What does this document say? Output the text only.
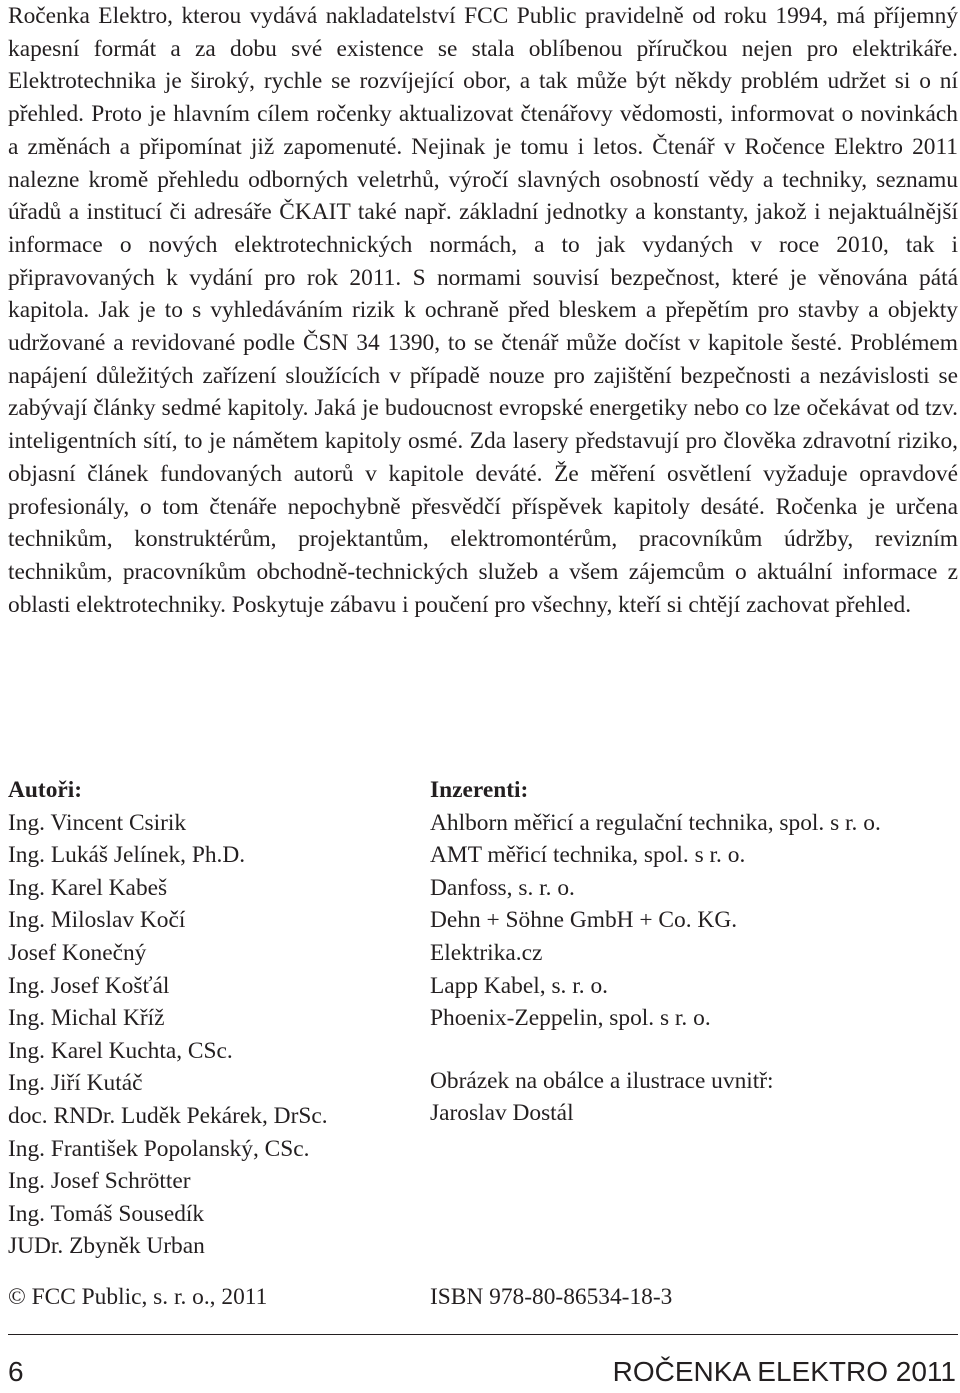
Ročenka Elektro, kterou vydává nakladatelství FCC Public pravidelně od roku 1994, má příjemný kapesní formát a za dobu své existence se stala oblíbenou příručkou nejen pro elektrikáře. Elektrotechnika je široký, rychle se rozvíjející obor, a tak může být někdy problém udržet si o ní přehled. Proto je hlavním cílem ročenky aktualizovat čtenářovy vědomosti, informovat o novinkách a změnách a připomínat již zapomenuté. Nejinak je tomu i letos. Čtenář v Ročence Elektro 2011 nalezne kromě přehledu odborných veletrhů, výročí slavných osobností vědy a techniky, seznamu úřadů a institucí či adresáře ČKAIT také např. základní jednotky a konstanty, jakož i nejaktuálnější informace o nových elektrotechnických normách, a to jak vydaných v roce 2010, tak i připravovaných k vydání pro rok 2011. S normami souvisí bezpečnost, které je věnována pátá kapitola. Jak je to s vyhledáváním rizik k ochraně před bleskem a přepětím pro stavby a objekty udržované a revidované podle ČSN 34 1390, to se čtenář může dočíst v kapitole šesté. Problémem napájení důležitých zařízení sloužících v případě nouze pro zajištění bezpečnosti a nezávislosti se zabývají články sedmé kapitoly. Jaká je budoucnost evropské energetiky nebo co lze očekávat od tzv. inteligentních sítí, to je námětem kapitoly osmé. Zda lasery představují pro člověka zdravotní riziko, objasní článek fundovaných autorů v kapitole deváté. Že měření osvětlení vyžaduje opravdové profesionály, o tom čtenáře nepochybně přesvědčí příspěvek kapitoly desáté. Ročenka je určena technikům, konstruktérům, projektantům, elektromontérům, pracovníkům údržby, revizním technikům, pracovníkům obchodně-technických služeb a všem zájemcům o aktuální informace z oblasti elektrotechniky. Poskytuje zábavu i poučení pro všechny, kteří si chtějí zachovat přehled.

Autoři:

Ing. Vincent Csirik
Ing. Lukáš Jelínek, Ph.D.
Ing. Karel Kabeš
Ing. Miloslav Kočí
Josef Konečný
Ing. Josef Košťál
Ing. Michal Kříž
Ing. Karel Kuchta, CSc.
Ing. Jiří Kutáč
doc. RNDr. Luděk Pekárek, DrSc.
Ing. František Popolanský, CSc.
Ing. Josef Schrötter
Ing. Tomáš Sousedík
JUDr. Zbyněk Urban

Inzerenti:

Ahlborn měřicí a regulační technika, spol. s r. o.
AMT měřicí technika, spol. s r. o.
Danfoss, s. r. o.
Dehn + Söhne GmbH + Co. KG.
Elektrika.cz
Lapp Kabel, s. r. o.
Phoenix-Zeppelin, spol. s r. o.

Obrázek na obálce a ilustrace uvnitř:

Jaroslav Dostál

© FCC Public, s. r. o., 2011	ISBN 978-80-86534-18-3
6	ROČENKA ELEKTRO 2011
